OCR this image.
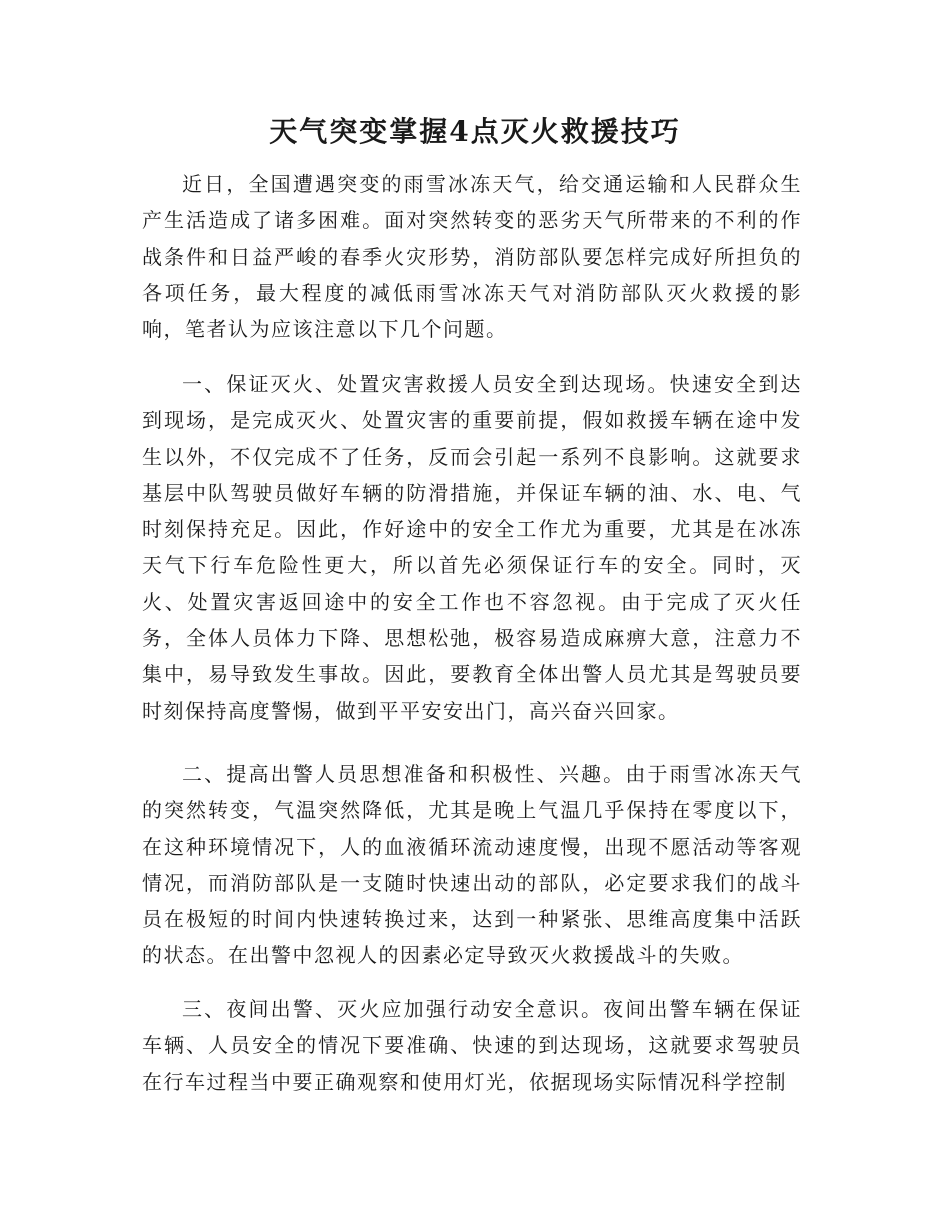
天气突变掌握4点灭火救援技巧

近日，全国遭遇突变的雨雪冰冻天气，给交通运输和人民群众生产生活造成了诸多困难。面对突然转变的恶劣天气所带来的不利的作战条件和日益严峻的春季火灾形势，消防部队要怎样完成好所担负的各项任务，最大程度的减低雨雪冰冻天气对消防部队灭火救援的影响，笔者认为应该注意以下几个问题。

一、保证灭火、处置灾害救援人员安全到达现场。快速安全到达到现场，是完成灭火、处置灾害的重要前提，假如救援车辆在途中发生以外，不仅完成不了任务，反而会引起一系列不良影响。这就要求基层中队驾驶员做好车辆的防滑措施，并保证车辆的油、水、电、气时刻保持充足。因此，作好途中的安全工作尤为重要，尤其是在冰冻天气下行车危险性更大，所以首先必须保证行车的安全。同时，灭火、处置灾害返回途中的安全工作也不容忽视。由于完成了灭火任务，全体人员体力下降、思想松弛，极容易造成麻痹大意，注意力不集中，易导致发生事故。因此，要教育全体出警人员尤其是驾驶员要时刻保持高度警惕，做到平平安安出门，高兴奋兴回家。

二、提高出警人员思想准备和积极性、兴趣。由于雨雪冰冻天气的突然转变，气温突然降低，尤其是晚上气温几乎保持在零度以下，在这种环境情况下，人的血液循环流动速度慢，出现不愿活动等客观情况，而消防部队是一支随时快速出动的部队，必定要求我们的战斗员在极短的时间内快速转换过来，达到一种紧张、思维高度集中活跃的状态。在出警中忽视人的因素必定导致灭火救援战斗的失败。

三、夜间出警、灭火应加强行动安全意识。夜间出警车辆在保证车辆、人员安全的情况下要准确、快速的到达现场，这就要求驾驶员在行车过程当中要正确观察和使用灯光，依据现场实际情况科学控制
